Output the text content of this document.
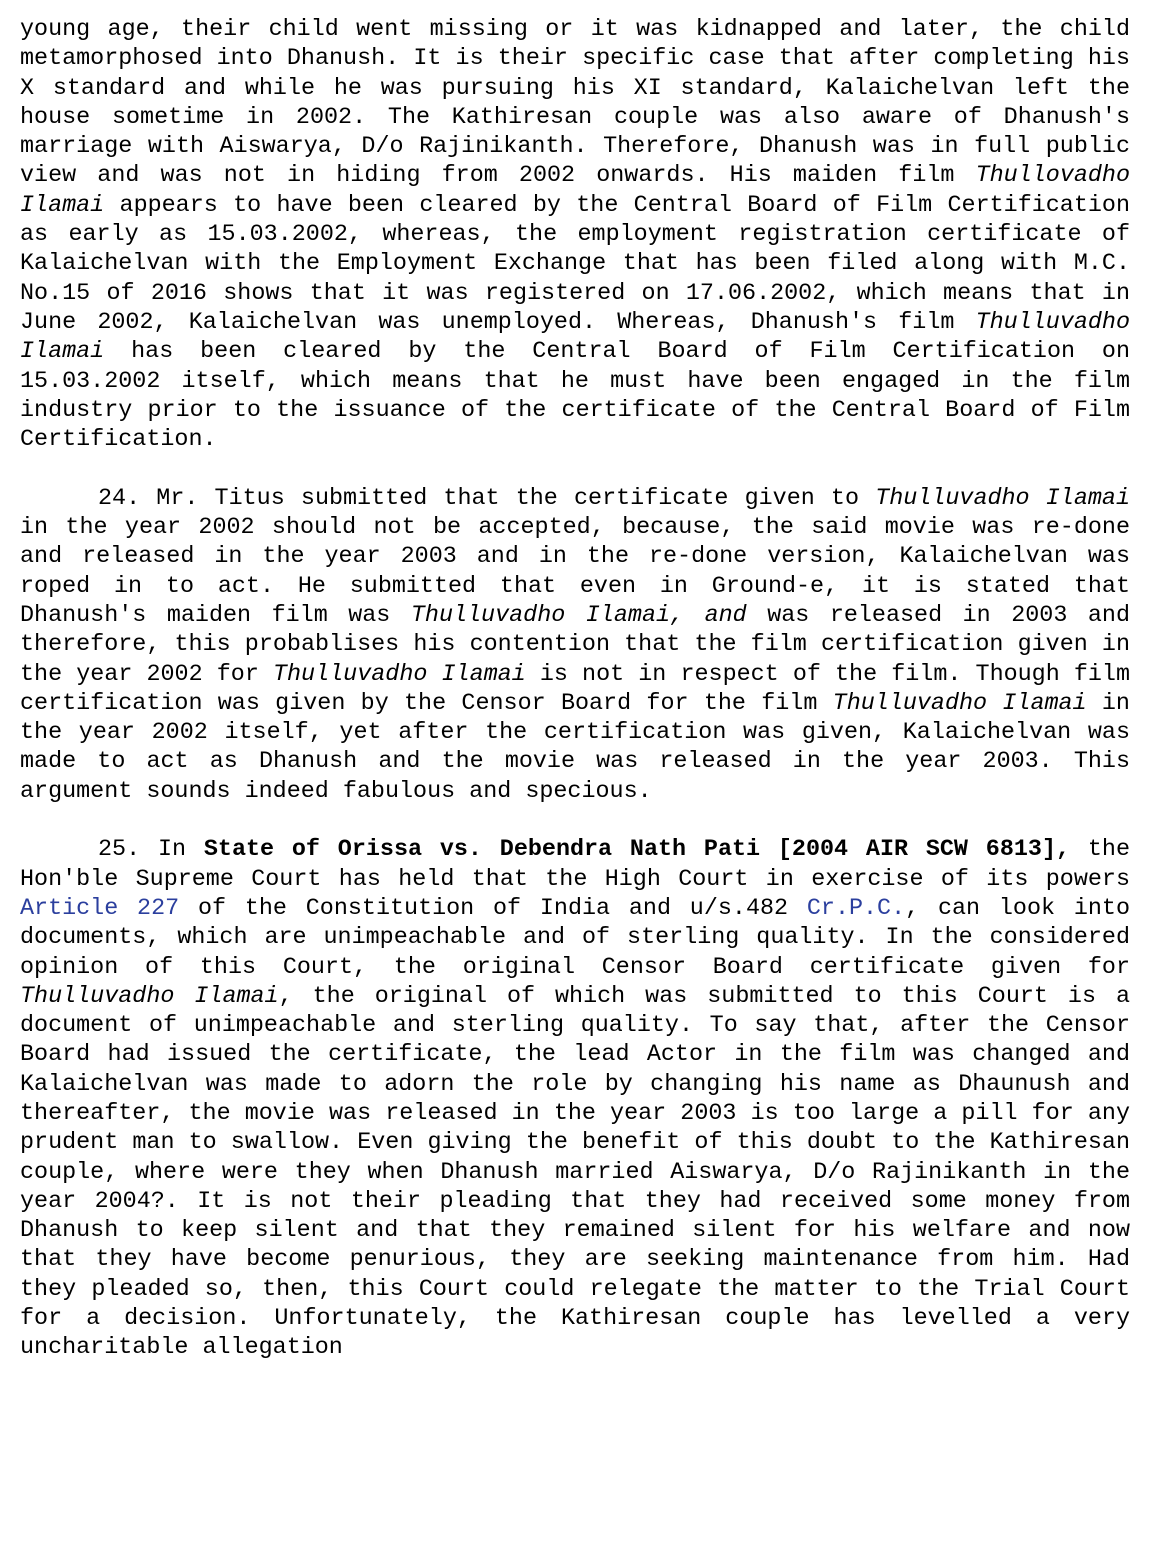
young age, their child went missing or it was kidnapped and later, the child metamorphosed into Dhanush. It is their specific case that after completing his X standard and while he was pursuing his XI standard, Kalaichelvan left the house sometime in 2002. The Kathiresan couple was also aware of Dhanush's marriage with Aiswarya, D/o Rajinikanth. Therefore, Dhanush was in full public view and was not in hiding from 2002 onwards. His maiden film Thullovadho Ilamai appears to have been cleared by the Central Board of Film Certification as early as 15.03.2002, whereas, the employment registration certificate of Kalaichelvan with the Employment Exchange that has been filed along with M.C. No.15 of 2016 shows that it was registered on 17.06.2002, which means that in June 2002, Kalaichelvan was unemployed. Whereas, Dhanush's film Thulluvadho Ilamai has been cleared by the Central Board of Film Certification on 15.03.2002 itself, which means that he must have been engaged in the film industry prior to the issuance of the certificate of the Central Board of Film Certification.

24. Mr. Titus submitted that the certificate given to Thulluvadho Ilamai in the year 2002 should not be accepted, because, the said movie was re-done and released in the year 2003 and in the re-done version, Kalaichelvan was roped in to act. He submitted that even in Ground-e, it is stated that Dhanush's maiden film was Thulluvadho Ilamai, and was released in 2003 and therefore, this probablises his contention that the film certification given in the year 2002 for Thulluvadho Ilamai is not in respect of the film. Though film certification was given by the Censor Board for the film Thulluvadho Ilamai in the year 2002 itself, yet after the certification was given, Kalaichelvan was made to act as Dhanush and the movie was released in the year 2003. This argument sounds indeed fabulous and specious.

25. In State of Orissa vs. Debendra Nath Pati [2004 AIR SCW 6813], the Hon'ble Supreme Court has held that the High Court in exercise of its powers Article 227 of the Constitution of India and u/s.482 Cr.P.C., can look into documents, which are unimpeachable and of sterling quality. In the considered opinion of this Court, the original Censor Board certificate given for Thulluvadho Ilamai, the original of which was submitted to this Court is a document of unimpeachable and sterling quality. To say that, after the Censor Board had issued the certificate, the lead Actor in the film was changed and Kalaichelvan was made to adorn the role by changing his name as Dhaunush and thereafter, the movie was released in the year 2003 is too large a pill for any prudent man to swallow. Even giving the benefit of this doubt to the Kathiresan couple, where were they when Dhanush married Aiswarya, D/o Rajinikanth in the year 2004?. It is not their pleading that they had received some money from Dhanush to keep silent and that they remained silent for his welfare and now that they have become penurious, they are seeking maintenance from him. Had they pleaded so, then, this Court could relegate the matter to the Trial Court for a decision. Unfortunately, the Kathiresan couple has levelled a very uncharitable allegation
